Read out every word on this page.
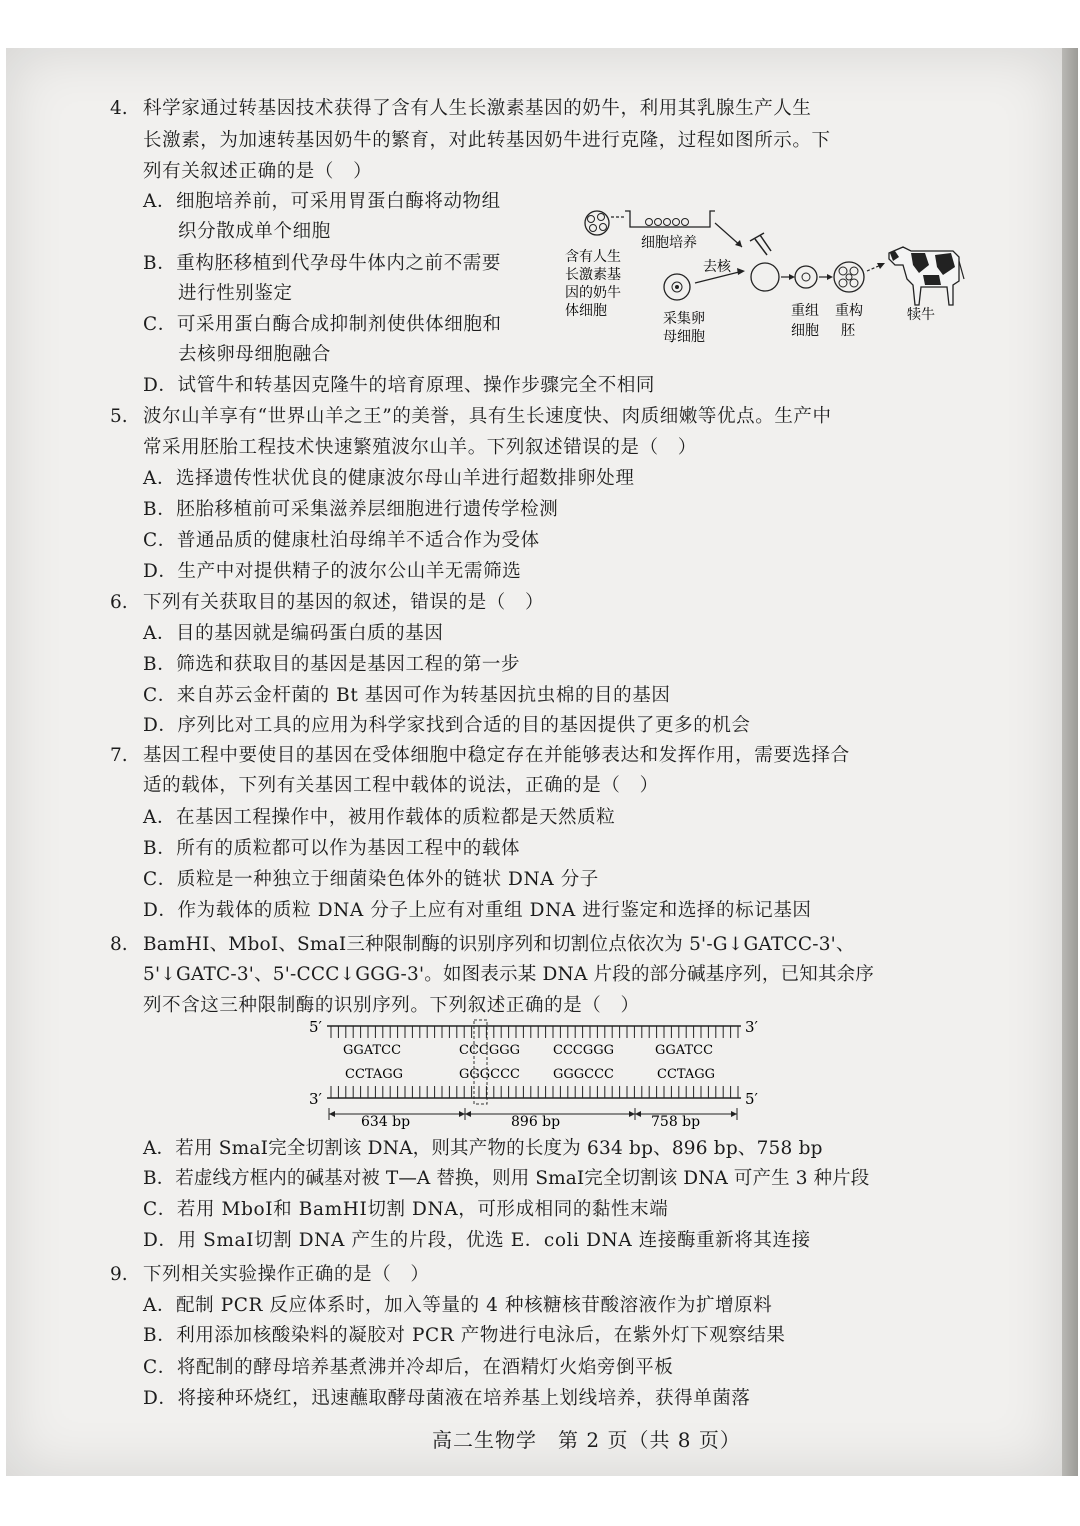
4. 科学家通过转基因技术获得了含有人生长激素基因的奶牛，利用其乳腺生产人生
长激素，为加速转基因奶牛的繁育，对此转基因奶牛进行克隆，过程如图所示。下
列有关叙述正确的是（　）
A．细胞培养前，可采用胃蛋白酶将动物组
织分散成单个细胞
B．重构胚移植到代孕母牛体内之前不需要
进行性别鉴定
C．可采用蛋白酶合成抑制剂使供体细胞和
去核卵母细胞融合
D．试管牛和转基因克隆牛的培育原理、操作步骤完全不相同
细胞培养
含有人生
长激素基
因的奶牛
体细胞	采集卵
母细胞
去核
重组
细胞
重构
胚
犊牛
5. 波尔山羊享有“世界山羊之王”的美誉，具有生长速度快、肉质细嫩等优点。生产中
常采用胚胎工程技术快速繁殖波尔山羊。下列叙述错误的是（　）
A．选择遗传性状优良的健康波尔母山羊进行超数排卵处理
B．胚胎移植前可采集滋养层细胞进行遗传学检测
C．普通品质的健康杜泊母绵羊不适合作为受体
D．生产中对提供精子的波尔公山羊无需筛选
6. 下列有关获取目的基因的叙述，错误的是（　）
A．目的基因就是编码蛋白质的基因
B．筛选和获取目的基因是基因工程的第一步
C．来自苏云金杆菌的 Bt 基因可作为转基因抗虫棉的目的基因
D．序列比对工具的应用为科学家找到合适的目的基因提供了更多的机会
7. 基因工程中要使目的基因在受体细胞中稳定存在并能够表达和发挥作用，需要选择合
适的载体，下列有关基因工程中载体的说法，正确的是（　）
A．在基因工程操作中，被用作载体的质粒都是天然质粒
B．所有的质粒都可以作为基因工程中的载体
C．质粒是一种独立于细菌染色体外的链状 DNA 分子
D．作为载体的质粒 DNA 分子上应有对重组 DNA 进行鉴定和选择的标记基因
8. BamHⅠ、MboⅠ、SmaⅠ三种限制酶的识别序列和切割位点依次为 5'-G↓GATCC-3'、
5'↓GATC-3'、5'-CCC↓GGG-3'。如图表示某 DNA 片段的部分碱基序列，已知其余序
列不含这三种限制酶的识别序列。下列叙述正确的是（　）
5′	3′
GGATCC	CCCGGG	CCCGGG	GGATCC
CCTAGG	GGGCCC	GGGCCC	CCTAGG
3′	5′
634 bp	896 bp	758 bp
A．若用 SmaⅠ完全切割该 DNA，则其产物的长度为 634 bp、896 bp、758 bp
B．若虚线方框内的碱基对被 T—A 替换，则用 SmaⅠ完全切割该 DNA 可产生 3 种片段
C．若用 MboⅠ和 BamHⅠ切割 DNA，可形成相同的黏性末端
D．用 SmaⅠ切割 DNA 产生的片段，优选 E．coli DNA 连接酶重新将其连接
9. 下列相关实验操作正确的是（　）
A．配制 PCR 反应体系时，加入等量的 4 种核糖核苷酸溶液作为扩增原料
B．利用添加核酸染料的凝胶对 PCR 产物进行电泳后，在紫外灯下观察结果
C．将配制的酵母培养基煮沸并冷却后，在酒精灯火焰旁倒平板
D．将接种环烧红，迅速蘸取酵母菌液在培养基上划线培养，获得单菌落
高二生物学　第 2 页（共 8 页）
